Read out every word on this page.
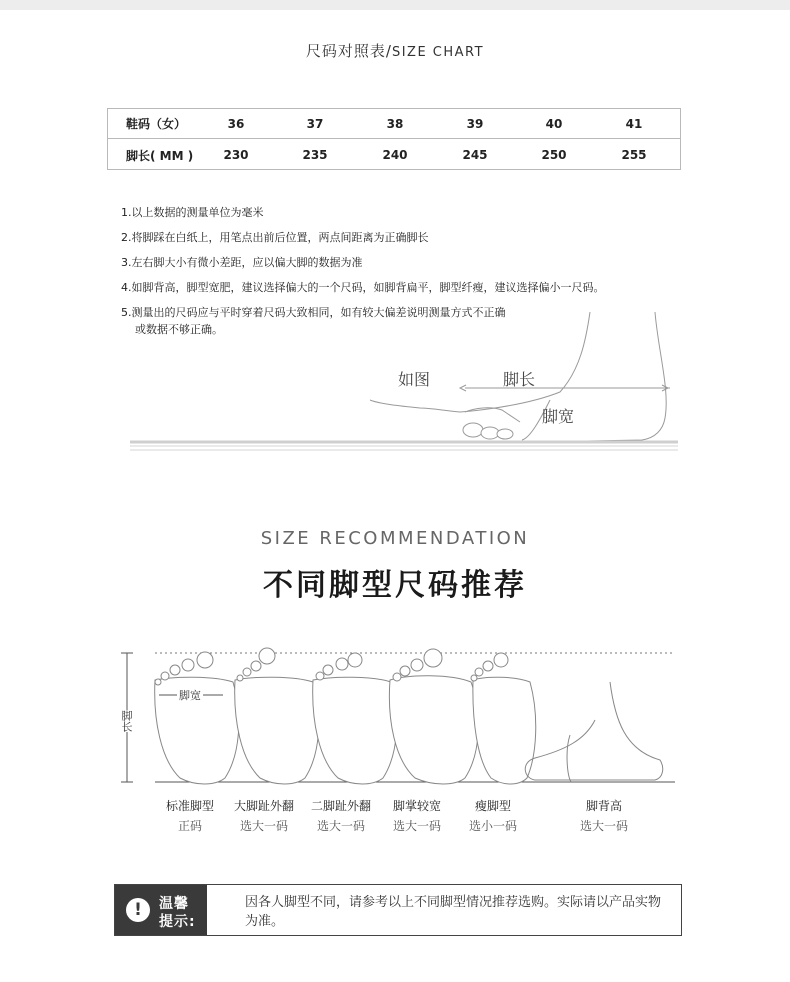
尺码对照表/SIZE CHART
鞋码（女）	36	37	38	39	40	41
脚长( MM )	230	235	240	245	250	255
1.以上数据的测量单位为毫米
2.将脚踩在白纸上，用笔点出前后位置，两点间距离为正确脚长
3.左右脚大小有微小差距，应以偏大脚的数据为准
4.如脚背高，脚型宽肥，建议选择偏大的一个尺码，如脚背扁平，脚型纤瘦，建议选择偏小一尺码。
5.测量出的尺码应与平时穿着尺码大致相同，如有较大偏差说明测量方式不正确
或数据不够正确。
如图	脚长
脚宽
SIZE RECOMMENDATION
不同脚型尺码推荐
脚宽
脚长
标准脚型
正码
大脚趾外翻
选大一码
二脚趾外翻
选大一码
脚掌较宽
选大一码
瘦脚型
选小一码
脚背高
选大一码
!	温馨
提示:
因各人脚型不同，请参考以上不同脚型情况推荐选购。实际请以产品实物为准。
